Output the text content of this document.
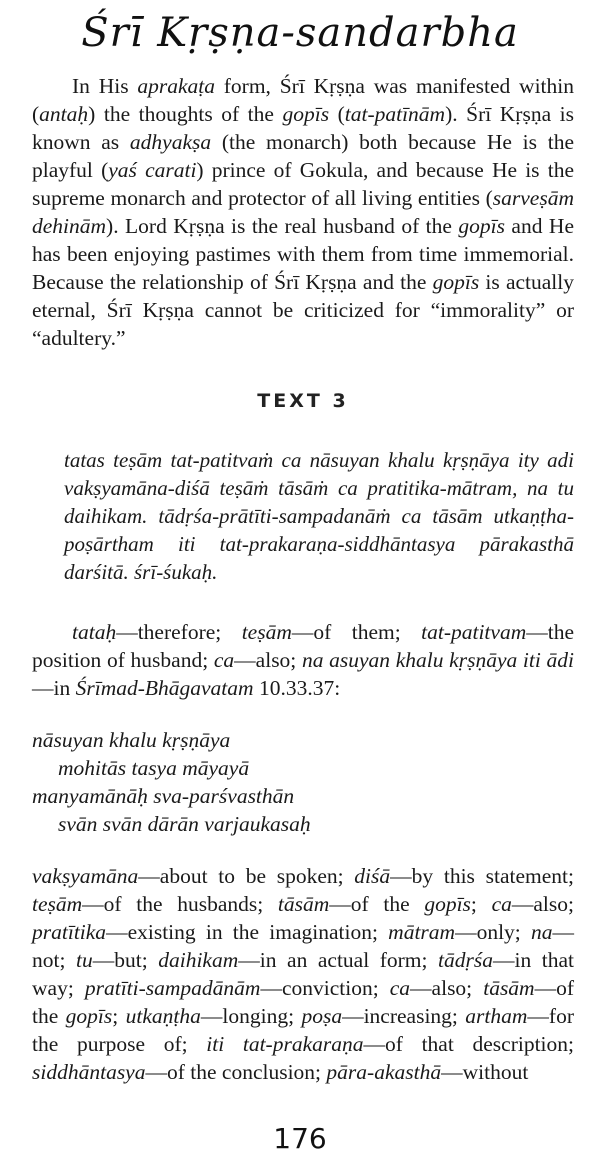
Śrī Kṛṣṇa-sandarbha

In His aprakaṭa form, Śrī Kṛṣṇa was manifested within (antaḥ) the thoughts of the gopīs (tat-patīnām). Śrī Kṛṣṇa is known as adhyakṣa (the monarch) both because He is the playful (yaś carati) prince of Gokula, and because He is the supreme monarch and protector of all living entities (sarveṣām dehinām). Lord Kṛṣṇa is the real husband of the gopīs and He has been enjoying pastimes with them from time immemorial. Because the relationship of Śrī Kṛṣṇa and the gopīs is actually eternal, Śrī Kṛṣṇa cannot be criticized for “immorality” or “adultery.”

TEXT 3

tatas teṣām tat-patitvaṁ ca nāsuyan khalu kṛṣṇāya ity adi vakṣyamāna-diśā teṣāṁ tāsāṁ ca pratitika-mātram, na tu daihikam. tādṛśa-prātīti-sampadanāṁ ca tāsām utkaṇṭha-poṣārtham iti tat-prakaraṇa-siddhāntasya pārakasthā darśitā. śrī-śukaḥ.

tataḥ—therefore; teṣām—of them; tat-patitvam—the position of husband; ca—also; na asuyan khalu kṛṣṇāya iti ādi—in Śrīmad-Bhāgavatam 10.33.37:

nāsuyan khalu kṛṣṇāya
mohitās tasya māyayā
manyamānāḥ sva-parśvasthān
svān svān dārān varjaukasaḥ

vakṣyamāna—about to be spoken; diśā—by this statement; teṣām—of the husbands; tāsām—of the gopīs; ca—also; pratītika—existing in the imagination; mātram—only; na—not; tu—but; daihikam—in an actual form; tādṛśa—in that way; pratīti-sampadānām—conviction; ca—also; tāsām—of the gopīs; utkaṇṭha—longing; poṣa—increasing; artham—for the purpose of; iti tat-prakaraṇa—of that description; siddhāntasya—of the conclusion; pāra-akasthā—without

176
